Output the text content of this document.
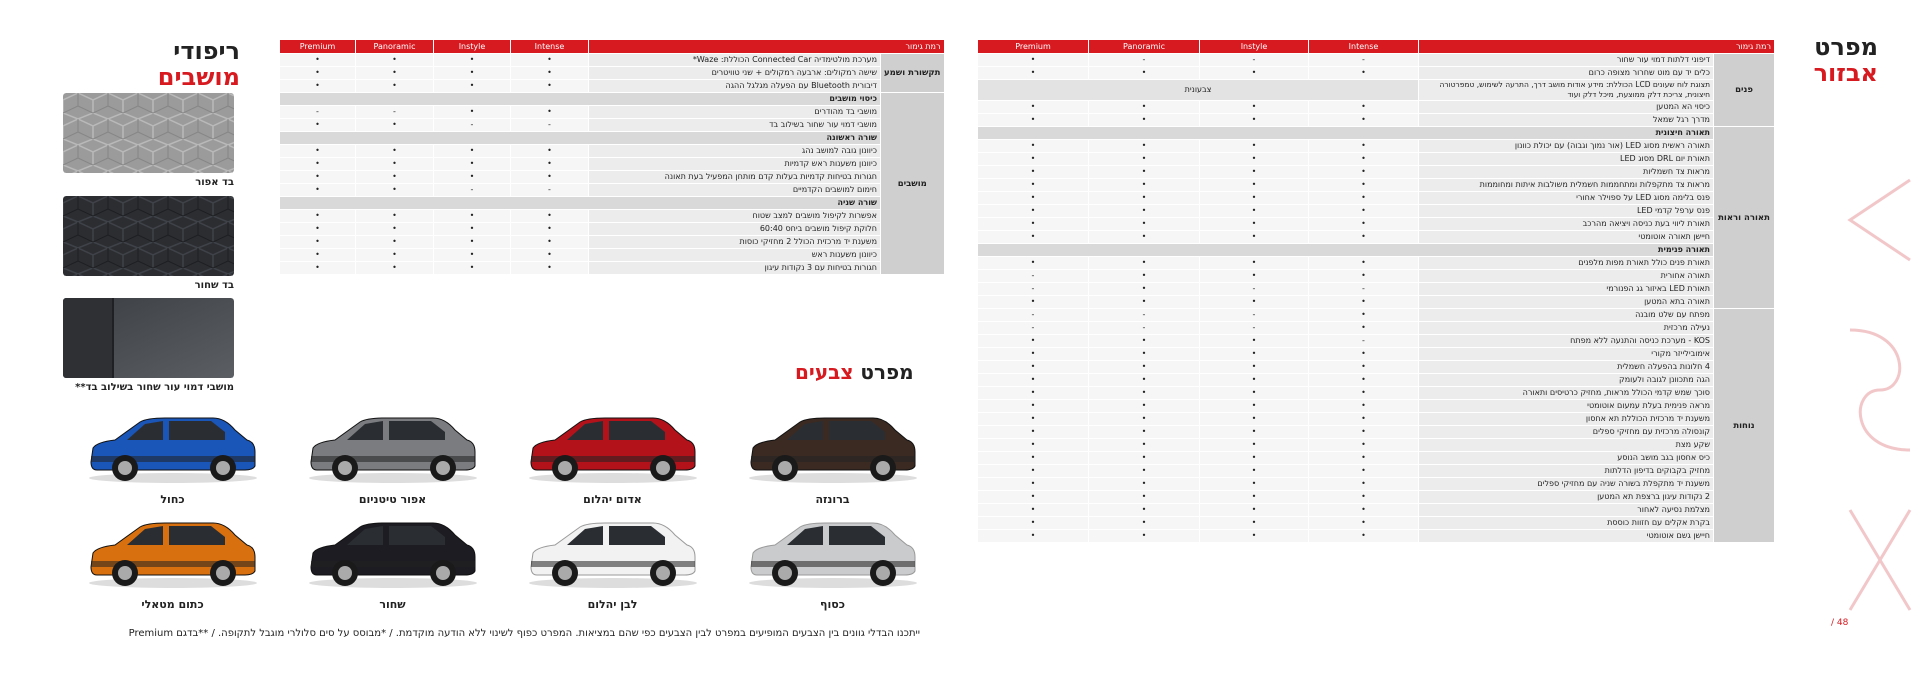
מפרט
אבזור
/ 48
Premium	Panoramic	Instyle	Intense	רמת גימור	
•	-	-	-	דיפוני דלתות דמוי עור שחור	פנים
•	•	•	•	כלים יד עם מוט שחרור מצופה כרום	
צבעונית				תצוגת לוח שעונים LCD הכוללת: מידע אודות מושב דרך, התרעה לשימוש, טמפרטורה חיצונית, צריכת דלק ממוצעת, מיכל דלק ועוד	
•	•	•	•	כיסוי הא המטען	
•	•	•	•	מדרך רגל שמאל	
תאורה חיצונית					תאורה וראות
•	•	•	•	תאורה ראשית מסוג LED (אור נמוך וגבוה) עם יכולת כוונון	
•	•	•	•	תאורת יום DRL מסוג LED	
•	•	•	•	מראות צד חשמליות	
•	•	•	•	מראות צד מתקפלות ומתחממות חשמלית משולבות איתות ומחוממות	
•	•	•	•	פנס בלימה מסוג LED על ספוילר אחורי	
•	•	•	•	פנס ערפל קדמי LED	
•	•	•	•	תאורת ליווי בעת כניסה ויציאה מהרכב	
•	•	•	•	חיישן תאורה אוטומטי	
תאורה פנימית					
•	•	•	•	תאורת פנים כולל תאורת מפות מלפנים	
-	•	•	•	תאורה אחורית	
-	•	-	-	תאורת LED באיזור גג הפנורמי	
•	•	•	•	תאורה בתא המטען	
-	-	-	•	מפתח עם שלט מובנה	נוחות
-	-	-	•	נעילה מרכזית	
•	•	•	-	KOS - מערכת כניסה והתנעה ללא מפתח	
•	•	•	•	אימובילייזר מקורי	
•	•	•	•	4 חלונות בהפעלה חשמלית	
•	•	•	•	הגה מתכוונן לגובה ולעומק	
•	•	•	•	סוכך שמש קדמי הכולל מראות, מחזיק כרטיסים ותאורה	
•	•	•	•	מראה פנימית בעלת עמעום אוטומטי	
•	•	•	•	משענת יד מרכזית הכוללת תא אחסון	
•	•	•	•	קונסולה מרכזית עם מחזיקי ספלים	
•	•	•	•	שקע מצת	
•	•	•	•	כיס אחסון בגב מושב הנוסע	
•	•	•	•	מחזיק בקבוקים בדיפון הדלתות	
•	•	•	•	משענת יד מתקפלת בשורה שניה עם מחזיקי ספלים	
•	•	•	•	2 נקודות עיגון ברצפת תא המטען	
•	•	•	•	מצלמת נסיעה לאחור	
•	•	•	•	בקרת אקלים עם חזוות כוססת	
•	•	•	•	חיישן גשם אוטומטי	
Premium	Panoramic	Instyle	Intense	רמת גימור	
•	•	•	•	מערכת מולטימדיה Connected Car הכוללת: Waze*	תקשורת ושמע
•	•	•	•	שישה רמקולים: ארבעה רמקולים + שני טוויטרים	
•	•	•	•	דיבורית Bluetooth עם הפעלה מגלגל ההגה	
כיסוי מושבים					מושבים
-	-	•	•	מושבי בד מהודרים	
•	•	-	-	מושבי דמוי עור שחור בשילוב בד	
שורה ראשונה					
•	•	•	•	כיוונון גובה למושב נהג	
•	•	•	•	כיוונון משענות ראש קדמיות	
•	•	•	•	חגורות בטיחות קדמיות בעלות קדם מותחן המפעיל בעת תאונה	
•	•	-	-	חימום למושבים הקדמיים	
שורה שניה					
•	•	•	•	אפשרות לקיפול מושבים למצב שטוח	
•	•	•	•	חלוקת קיפול מושבים ביחס 60:40	
•	•	•	•	משענת יד מרכזית הכולל 2 מחזיקי כוסות	
•	•	•	•	כיוונון משענות ראש	
•	•	•	•	חגורות בטיחות עם 3 נקודות עיגון	
ריפודי
מושבים
בד אפור
בד שחור
מושבי דמוי עור שחור בשילוב בד**
מפרט צבעים
כחול	אפור טיטניום	אדום יהלום	ברונזה
כתום מטאלי	שחור	לבן יהלום	כסוף
ייתכנו הבדלי גוונים בין הצבעים המופיעים במפרט לבין הצבעים כפי שהם במציאות. המפרט כפוף לשינוי ללא הודעה מוקדמת. / *מבוסס על סים סלולרי מוגבל לתקופה. / **בדגם Premium
